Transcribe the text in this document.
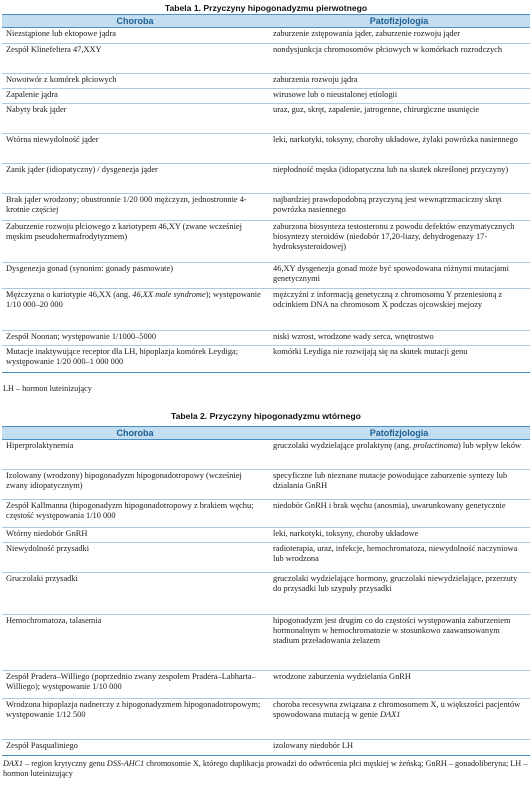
Tabela 1. Przyczyny hipogonadyzmu pierwotnego
Choroba	Patofizjologia
Niezstąpione lub ektopowe jądra	zaburzenie zstępowania jąder, zaburzenie rozwoju jąder
Zespół Klinefeltera 47,XXY	nondysjunkcja chromosomów płciowych w komórkach rozrodczych
Nowotwór z komórek płciowych	zaburzenia rozwoju jądra
Zapalenie jądra	wirusowe lub o nieustalonej etiologii
Nabyty brak jąder	uraz, guz, skręt, zapalenie, jatrogenne, chirurgiczne usunięcie
Wtórna niewydolność jąder	leki, narkotyki, toksyny, choroby układowe, żylaki powrózka nasiennego
Zanik jąder (idiopatyczny) / dysgenezja jąder	niepłodność męska (idiopatyczna lub na skutek określonej przyczyny)
Brak jąder wrodzony; obustronnie 1/20 000 mężczyzn, jednostronnie 4-krotnie częściej	najbardziej prawdopodobną przyczyną jest wewnątrzmaciczny skręt powrózka nasiennego
Zaburzenie rozwoju płciowego z kariotypem 46,XY (zwane wcześniej męskim pseudohermafrodytyzmem)	zaburzona biosynteza testosteronu z powodu defektów enzymatycznych biosyntezy steroidów (niedobór 17,20-liazy, dehydrogenazy 17-hydroksysteroidowej)
Dysgenezja gonad (synonim: gonady pasmowate)	46,XY dysgenezja gonad może być spowodowana różnymi mutacjami genetycznymi
Mężczyzna o kariotypie 46,XX (ang. 46,XX male syndrome); występowanie 1/10 000–20 000	mężczyźni z informacją genetyczną z chromosomu Y przeniesioną z odcinkiem DNA na chromosom X podczas ojcowskiej mejozy
Zespół Noonan; występowanie 1/1000–5000	niski wzrost, wrodzone wady serca, wnętrostwo
Mutacje inaktywujące receptor dla LH, hipoplazja komórek Leydiga; występowanie 1/20 000–1 000 000	komórki Leydiga nie rozwijają się na skutek mutacji genu
LH – hormon luteinizujący
Tabela 2. Przyczyny hipogonadyzmu wtórnego
Choroba	Patofizjologia
Hiperprolaktynemia	gruczolaki wydzielające prolaktynę (ang. prolactinoma) lub wpływ leków
Izolowany (wrodzony) hipogonadyzm hipogonadotropowy (wcześniej zwany idiopatycznym)	specyficzne lub nieznane mutacje powodujące zaburzenie syntezy lub działania GnRH
Zespół Kallmanna (hipogonadyzm hipogonadotropowy z brakiem węchu; częstość występowania 1/10 000	niedobór GnRH i brak węchu (anosmia), uwarunkowany genetycznie
Wtórny niedobór GnRH	leki, narkotyki, toksyny, choroby układowe
Niewydolność przysadki	radioterapia, uraz, infekcje, hemochromatoza, niewydolność naczyniowa lub wrodzona
Gruczolaki przysadki	gruczolaki wydzielające hormony, gruczolaki niewydzielające, przerzuty do przysadki lub szypuły przysadki
Hemochromatoza, talasemia	hipogonadyzm jest drugim co do częstości występowania zaburzeniem hormonalnym w hemochromatozie w stosunkowo zaawansowanym stadium przeładowania żelazem
Zespół Pradera–Williego (poprzednio zwany zespołem Pradera–Labharta–Williego); występowanie 1/10 000	wrodzone zaburzenia wydzielania GnRH
Wrodzona hipoplazja nadnerczy z hipogonadyzmem hipogonadotropowym; występowanie 1/12 500	choroba recesywna związana z chromosomem X, u większości pacjentów spowodowana mutacją w genie DAX1
Zespół Pasqualiniego	izolowany niedobór LH
DAX1 – region krytyczny genu DSS-AHC1 chromosomie X, którego duplikacja prowadzi do odwrócenia płci męskiej w żeńską; GnRH – gonadoliberyna; LH – hormon luteinizujący
